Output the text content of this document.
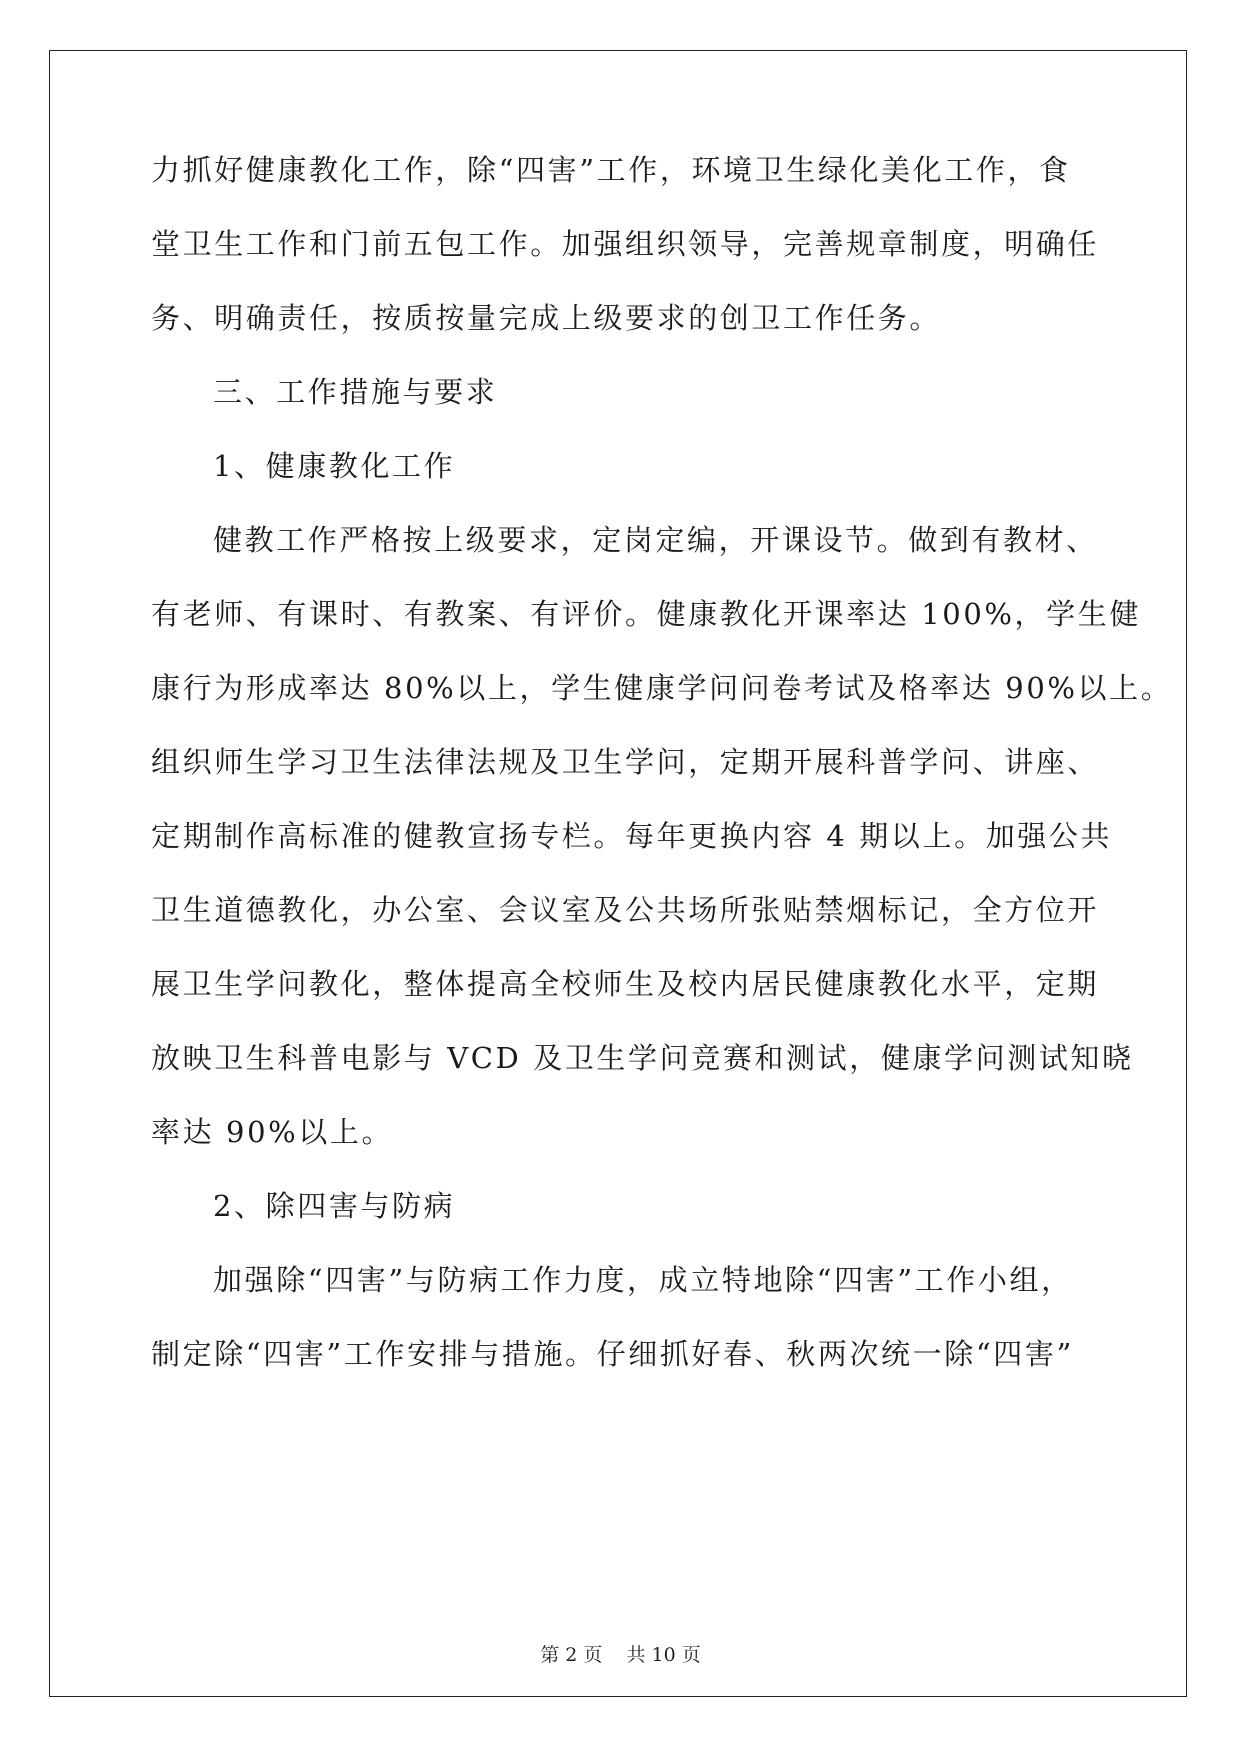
力抓好健康教化工作，除“四害”工作，环境卫生绿化美化工作，食
堂卫生工作和门前五包工作。加强组织领导，完善规章制度，明确任
务、明确责任，按质按量完成上级要求的创卫工作任务。
三、工作措施与要求
1、健康教化工作
健教工作严格按上级要求，定岗定编，开课设节。做到有教材、
有老师、有课时、有教案、有评价。健康教化开课率达 100%，学生健
康行为形成率达 80%以上，学生健康学问问卷考试及格率达 90%以上。
组织师生学习卫生法律法规及卫生学问，定期开展科普学问、讲座、
定期制作高标准的健教宣扬专栏。每年更换内容 4 期以上。加强公共
卫生道德教化，办公室、会议室及公共场所张贴禁烟标记，全方位开
展卫生学问教化，整体提高全校师生及校内居民健康教化水平，定期
放映卫生科普电影与 VCD 及卫生学问竞赛和测试，健康学问测试知晓
率达 90%以上。
2、除四害与防病
加强除“四害”与防病工作力度，成立特地除“四害”工作小组，
制定除“四害”工作安排与措施。仔细抓好春、秋两次统一除“四害”
第 2 页 共 10 页
